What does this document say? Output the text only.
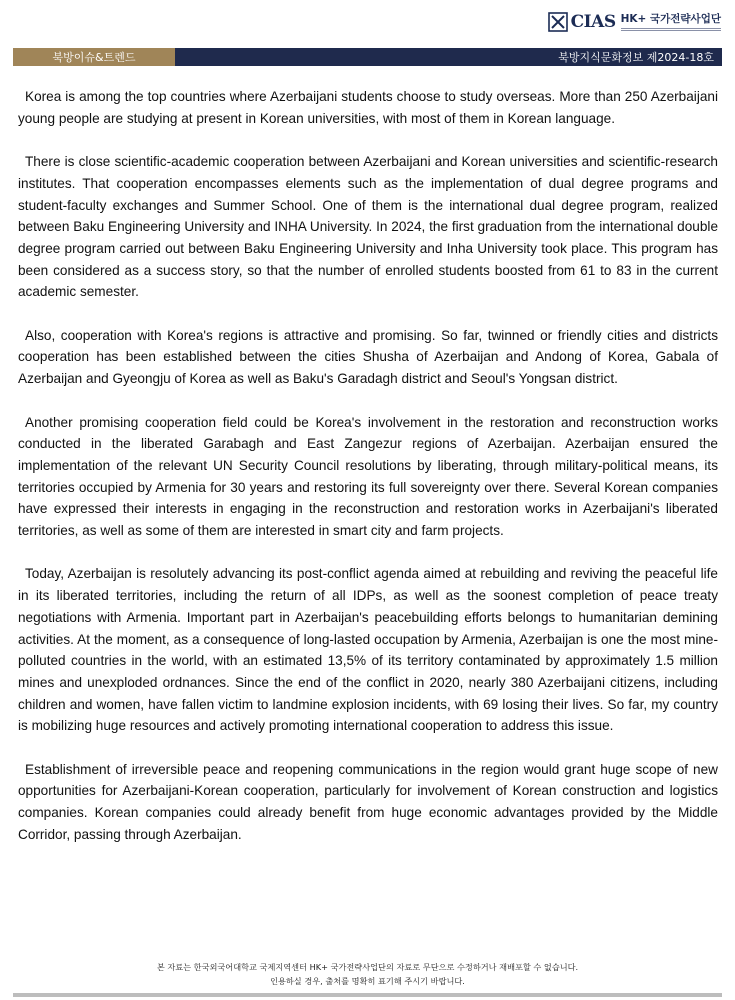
CIAS HK+ 국가전략사업단
북방이슈&트렌드	북방지식문화정보 제2024-18호

Korea is among the top countries where Azerbaijani students choose to study overseas. More than 250 Azerbaijani young people are studying at present in Korean universities, with most of them in Korean language.

There is close scientific-academic cooperation between Azerbaijani and Korean universities and scientific-research institutes. That cooperation encompasses elements such as the implementation of dual degree programs and student-faculty exchanges and Summer School. One of them is the international dual degree program, realized between Baku Engineering University and INHA University. In 2024, the first graduation from the international double degree program carried out between Baku Engineering University and Inha University took place. This program has been considered as a success story, so that the number of enrolled students boosted from 61 to 83 in the current academic semester.

Also, cooperation with Korea's regions is attractive and promising. So far, twinned or friendly cities and districts cooperation has been established between the cities Shusha of Azerbaijan and Andong of Korea, Gabala of Azerbaijan and Gyeongju of Korea as well as Baku's Garadagh district and Seoul's Yongsan district.

Another promising cooperation field could be Korea's involvement in the restoration and reconstruction works conducted in the liberated Garabagh and East Zangezur regions of Azerbaijan. Azerbaijan ensured the implementation of the relevant UN Security Council resolutions by liberating, through military-political means, its territories occupied by Armenia for 30 years and restoring its full sovereignty over there. Several Korean companies have expressed their interests in engaging in the reconstruction and restoration works in Azerbaijani's liberated territories, as well as some of them are interested in smart city and farm projects.

Today, Azerbaijan is resolutely advancing its post-conflict agenda aimed at rebuilding and reviving the peaceful life in its liberated territories, including the return of all IDPs, as well as the soonest completion of peace treaty negotiations with Armenia. Important part in Azerbaijan's peacebuilding efforts belongs to humanitarian demining activities. At the moment, as a consequence of long-lasted occupation by Armenia, Azerbaijan is one the most mine-polluted countries in the world, with an estimated 13,5% of its territory contaminated by approximately 1.5 million mines and unexploded ordnances. Since the end of the conflict in 2020, nearly 380 Azerbaijani citizens, including children and women, have fallen victim to landmine explosion incidents, with 69 losing their lives. So far, my country is mobilizing huge resources and actively promoting international cooperation to address this issue.

Establishment of irreversible peace and reopening communications in the region would grant huge scope of new opportunities for Azerbaijani-Korean cooperation, particularly for involvement of Korean construction and logistics companies. Korean companies could already benefit from huge economic advantages provided by the Middle Corridor, passing through Azerbaijan.

본 자료는 한국외국어대학교 국제지역센터 HK+ 국가전략사업단의 자료로 무단으로 수정하거나 재배포할 수 없습니다.
인용하실 경우, 출처를 명확히 표기해 주시기 바랍니다.
